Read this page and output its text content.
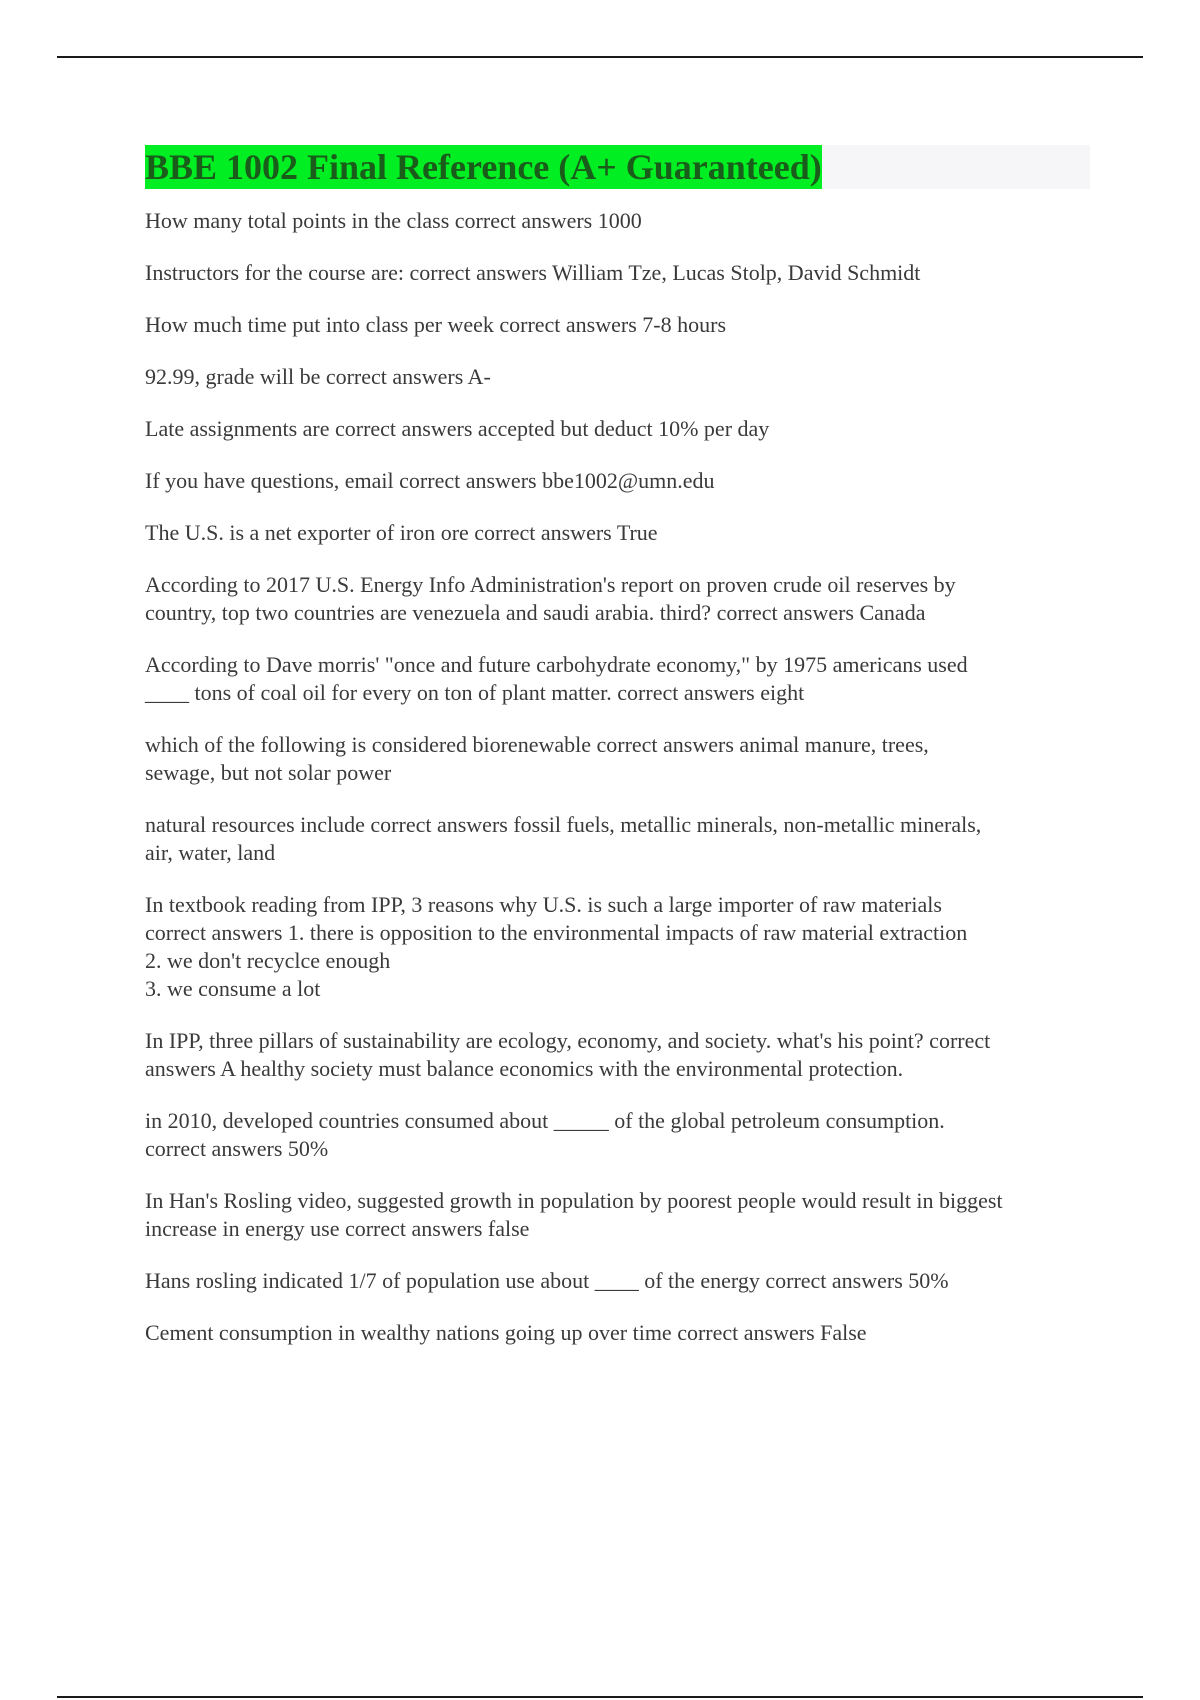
BBE 1002 Final Reference (A+ Guaranteed)
How many total points in the class correct answers 1000
Instructors for the course are: correct answers William Tze, Lucas Stolp, David Schmidt
How much time put into class per week correct answers 7-8 hours
92.99, grade will be correct answers A-
Late assignments are correct answers accepted but deduct 10% per day
If you have questions, email correct answers bbe1002@umn.edu
The U.S. is a net exporter of iron ore correct answers True
According to 2017 U.S. Energy Info Administration's report on proven crude oil reserves by
country, top two countries are venezuela and saudi arabia. third? correct answers Canada
According to Dave morris' "once and future carbohydrate economy," by 1975 americans used
____ tons of coal oil for every on ton of plant matter. correct answers eight
which of the following is considered biorenewable correct answers animal manure, trees,
sewage, but not solar power
natural resources include correct answers fossil fuels, metallic minerals, non-metallic minerals,
air, water, land
In textbook reading from IPP, 3 reasons why U.S. is such a large importer of raw materials
correct answers 1. there is opposition to the environmental impacts of raw material extraction
2. we don't recyclce enough
3. we consume a lot
In IPP, three pillars of sustainability are ecology, economy, and society. what's his point? correct
answers A healthy society must balance economics with the environmental protection.
in 2010, developed countries consumed about _____ of the global petroleum consumption.
correct answers 50%
In Han's Rosling video, suggested growth in population by poorest people would result in biggest
increase in energy use correct answers false
Hans rosling indicated 1/7 of population use about ____ of the energy correct answers 50%
Cement consumption in wealthy nations going up over time correct answers False
